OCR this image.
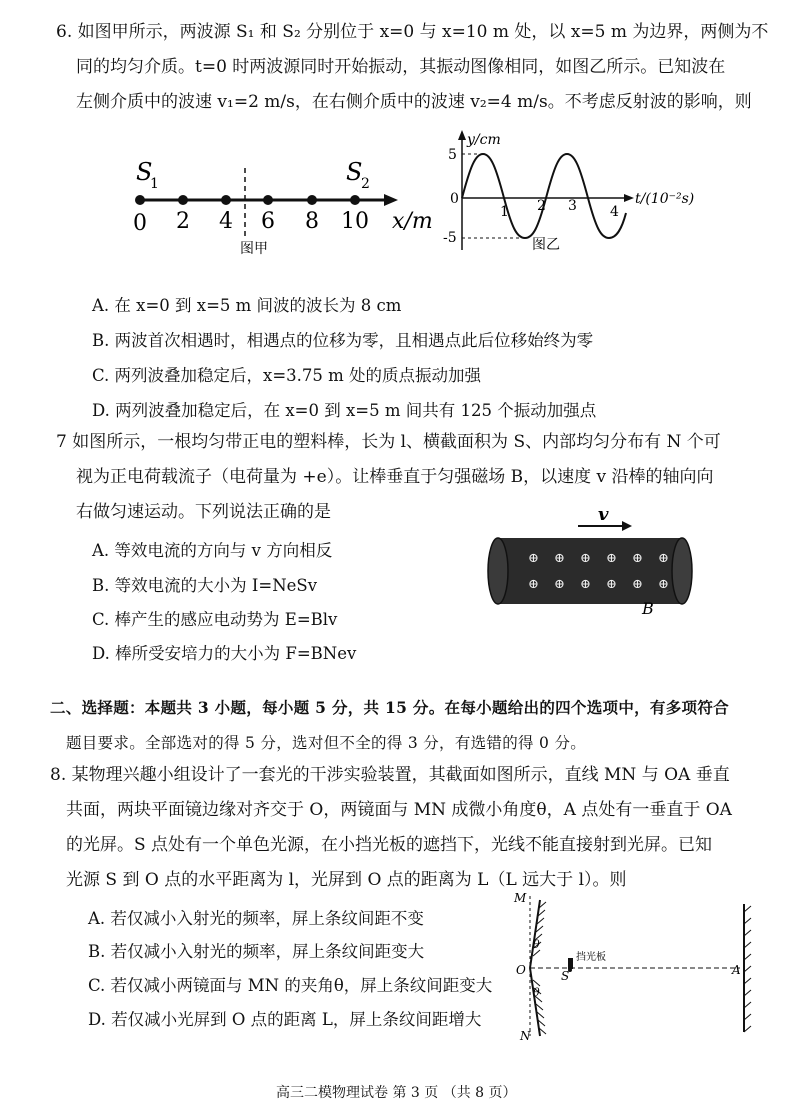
6. 如图甲所示，两波源 S₁ 和 S₂ 分别位于 x=0 与 x=10 m 处，以 x=5 m 为边界，两侧为不
同的均匀介质。t=0 时两波源同时开始振动，其振动图像相同，如图乙所示。已知波在
左侧介质中的波速 v₁=2 m/s，在右侧介质中的波速 v₂=4 m/s。不考虑反射波的影响，则
S
1	S
2
0 2 4 6 8 10 x/m
图甲
y/cm
t/(10⁻²s)
5
0
-5
1 2 3 4
图乙
A. 在 x=0 到 x=5 m 间波的波长为 8 cm
B. 两波首次相遇时，相遇点的位移为零，且相遇点此后位移始终为零
C. 两列波叠加稳定后，x=3.75 m 处的质点振动加强
D. 两列波叠加稳定后，在 x=0 到 x=5 m 间共有 125 个振动加强点
7 如图所示，一根均匀带正电的塑料棒，长为 l、横截面积为 S、内部均匀分布有 N 个可
视为正电荷载流子（电荷量为 +e）。让棒垂直于匀强磁场 B，以速度 v 沿棒的轴向向
右做匀速运动。下列说法正确的是
A. 等效电流的方向与 v 方向相反
B. 等效电流的大小为 I=NeSv
C. 棒产生的感应电动势为 E=Blv
D. 棒所受安培力的大小为 F=BNev
v
⊕ ⊕ ⊕ ⊕ ⊕ ⊕
⊕ ⊕ ⊕ ⊕ ⊕ ⊕
B
二、选择题：本题共 3 小题，每小题 5 分，共 15 分。在每小题给出的四个选项中，有多项符合
题目要求。全部选对的得 5 分，选对但不全的得 3 分，有选错的得 0 分。
8. 某物理兴趣小组设计了一套光的干涉实验装置，其截面如图所示，直线 MN 与 OA 垂直
共面，两块平面镜边缘对齐交于 O，两镜面与 MN 成微小角度θ，A 点处有一垂直于 OA
的光屏。S 点处有一个单色光源，在小挡光板的遮挡下，光线不能直接射到光屏。已知
光源 S 到 O 点的水平距离为 l，光屏到 O 点的距离为 L（L 远大于 l）。则
A. 若仅减小入射光的频率，屏上条纹间距不变
B. 若仅减小入射光的频率，屏上条纹间距变大
C. 若仅减小两镜面与 MN 的夹角θ，屏上条纹间距变大
D. 若仅减小光屏到 O 点的距离 L，屏上条纹间距增大
M
N
O
θ
θ
S
挡光板
A
高三二模物理试卷 第 3 页 （共 8 页）
